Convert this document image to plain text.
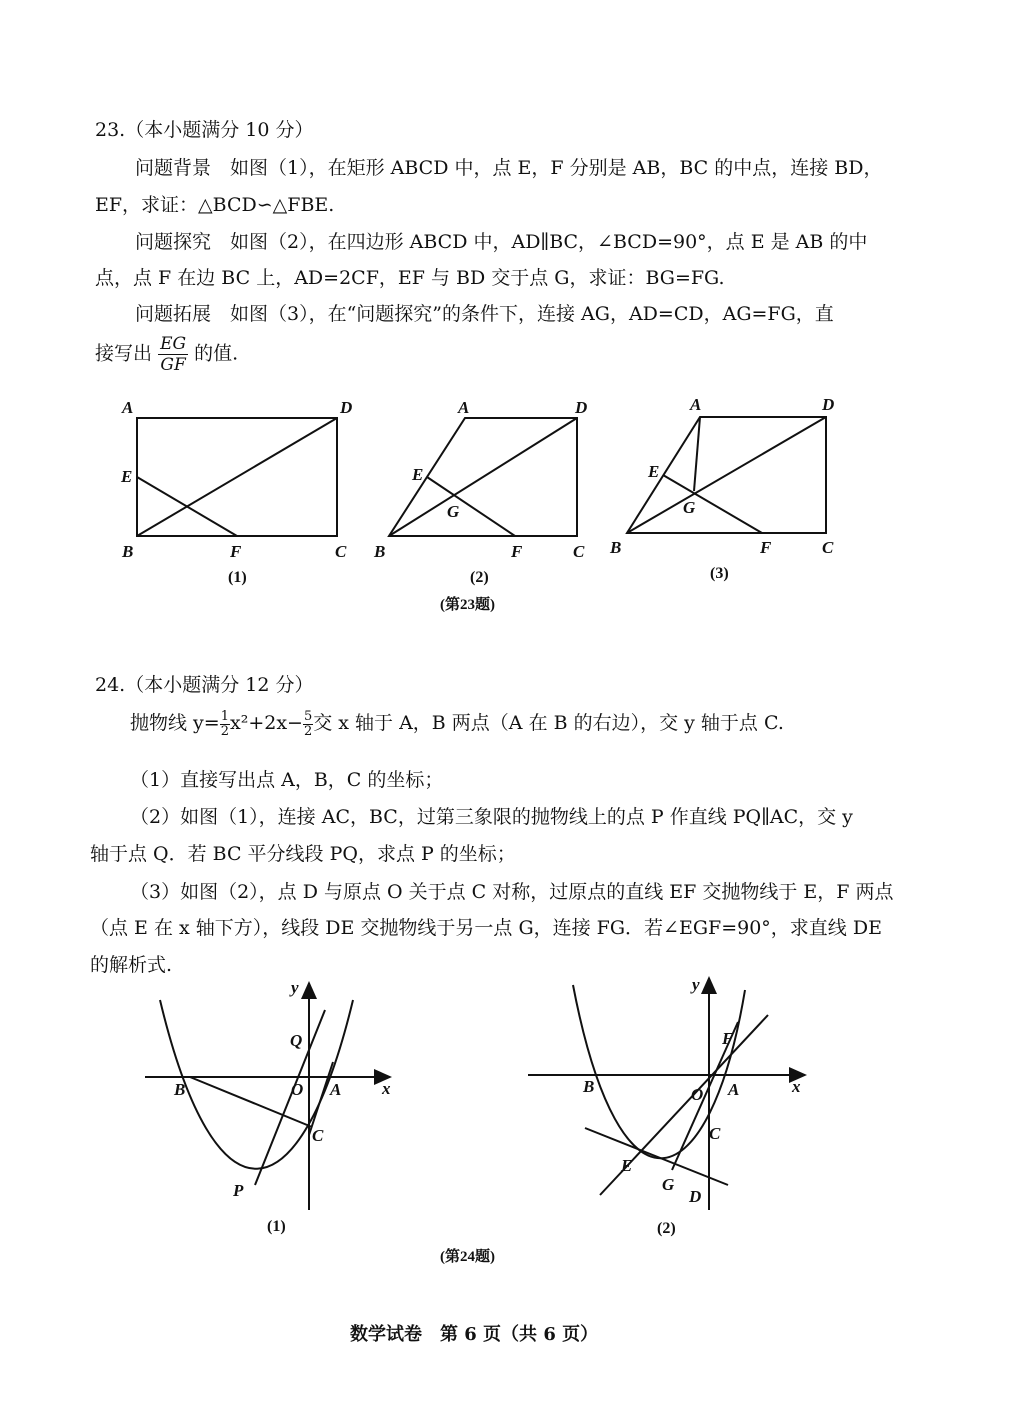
23.（本小题满分 10 分）
问题背景　如图（1），在矩形 ABCD 中，点 E，F 分别是 AB，BC 的中点，连接 BD，
EF，求证：△BCD∽△FBE.
问题探究　如图（2），在四边形 ABCD 中，AD∥BC，∠BCD=90°，点 E 是 AB 的中
点，点 F 在边 BC 上，AD=2CF，EF 与 BD 交于点 G，求证：BG=FG.
问题拓展　如图（3），在“问题探究”的条件下，连接 AG，AD=CD，AG=FG，直
接写出 $\frac{EG}{GF}$ 的值.
A	D
E
B	F	C
(1)
A	D
E
G
B	F	C
(2)
A	D
E
G
B	F	C
(3)
(第23题)
24.（本小题满分 12 分）
抛物线 $y= \frac{1}{2} x^2+2x- \frac{5}{2}$ 交 x 轴于 A，B 两点（A 在 B 的右边），交 y 轴于点 C.
（1）直接写出点 A，B，C 的坐标；
（2）如图（1），连接 AC，BC，过第三象限的抛物线上的点 P 作直线 PQ∥AC，交 y
轴于点 Q．若 BC 平分线段 PQ，求点 P 的坐标；
（3）如图（2），点 D 与原点 O 关于点 C 对称，过原点的直线 EF 交抛物线于 E，F 两点
（点 E 在 x 轴下方），线段 DE 交抛物线于另一点 G，连接 FG．若∠EGF=90°，求直线 DE
的解析式.
y
x
Q
O A
B
C
P
(1)
y
x
F
B	O A
C
E
G
D
(2)
(第24题)
数学试卷　第 6 页（共 6 页）
